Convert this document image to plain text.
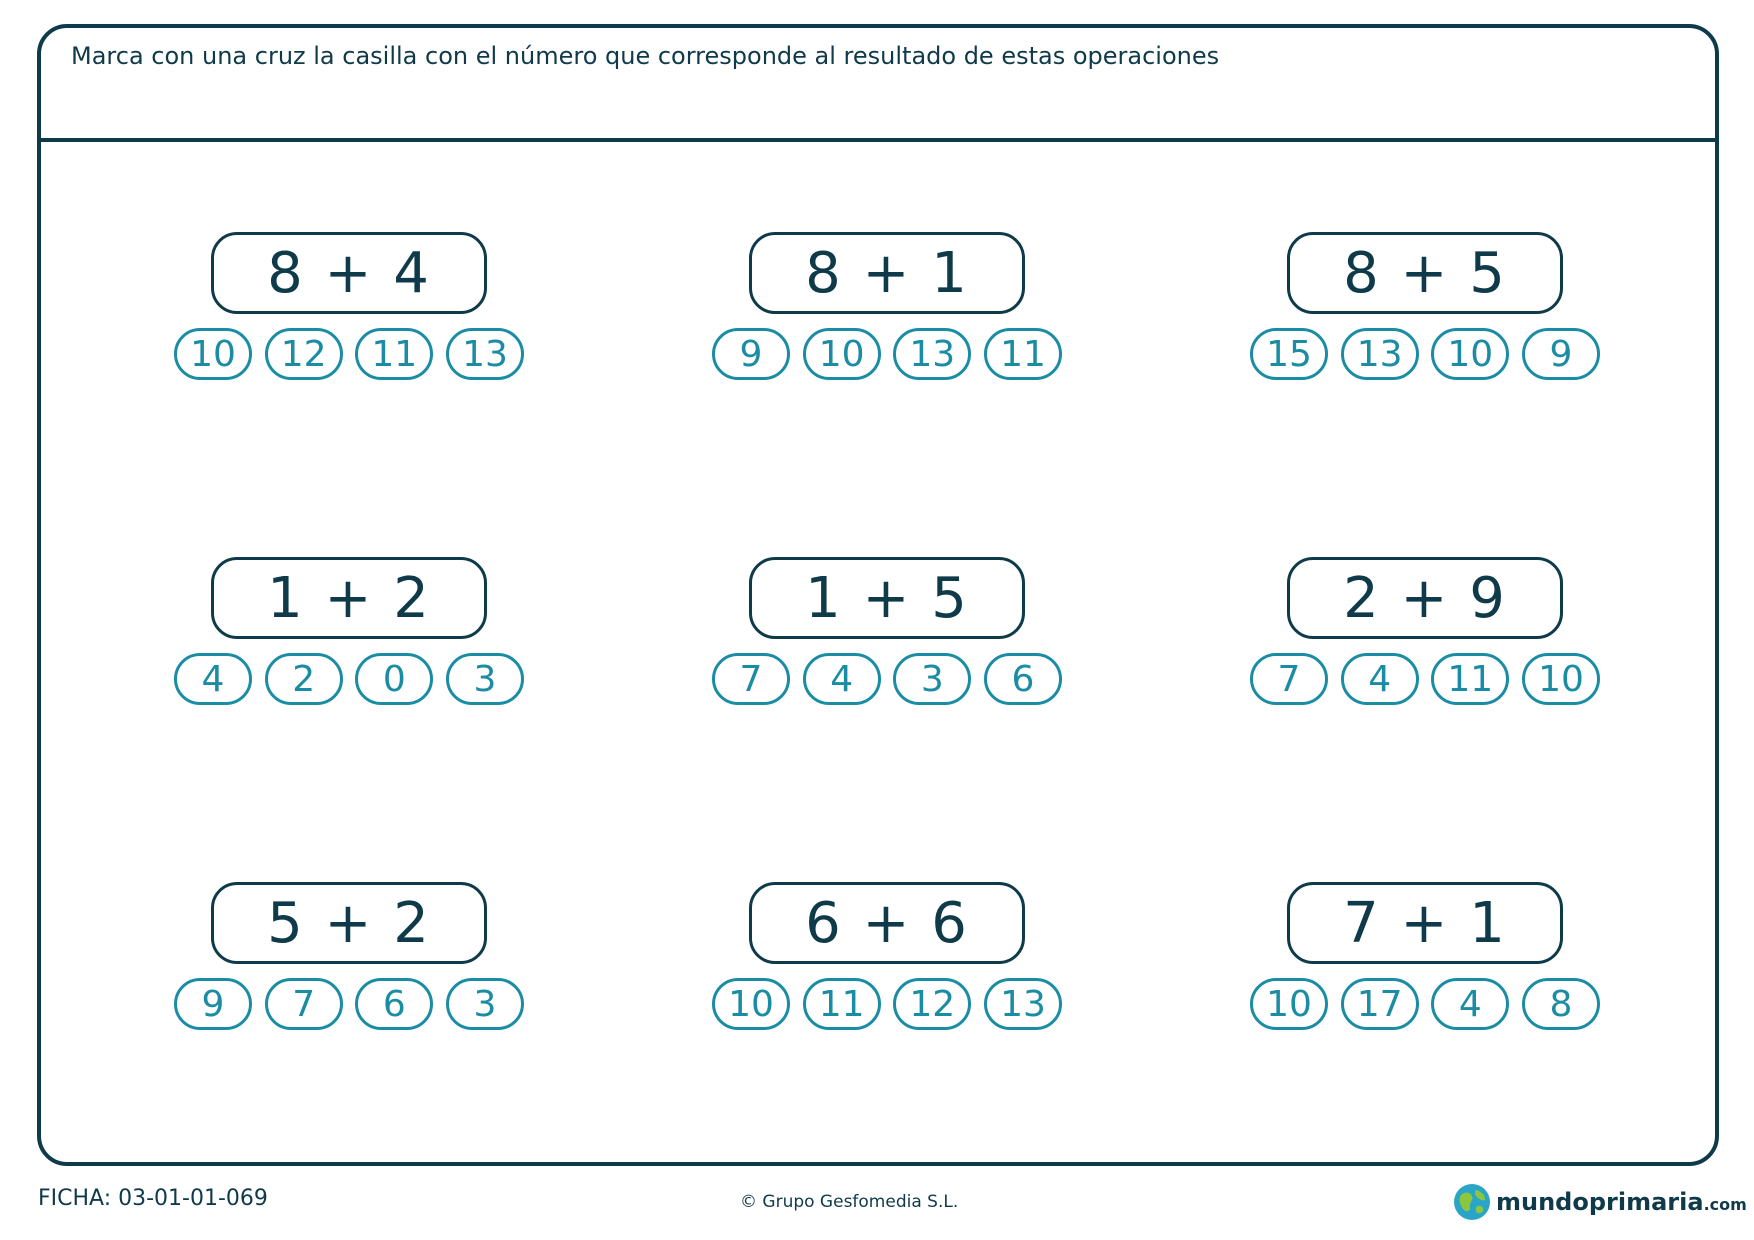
Marca con una cruz la casilla con el número que corresponde al resultado de estas operaciones
8 + 4
10	12	11	13
8 + 1
9	10	13	11
8 + 5
15	13	10	9
1 + 2
4	2	0	3
1 + 5
7	4	3	6
2 + 9
7	4	11	10
5 + 2
9	7	6	3
6 + 6
10	11	12	13
7 + 1
10	17	4	8
FICHA: 03-01-01-069	© Grupo Gesfomedia S.L.	mundoprimaria.com
